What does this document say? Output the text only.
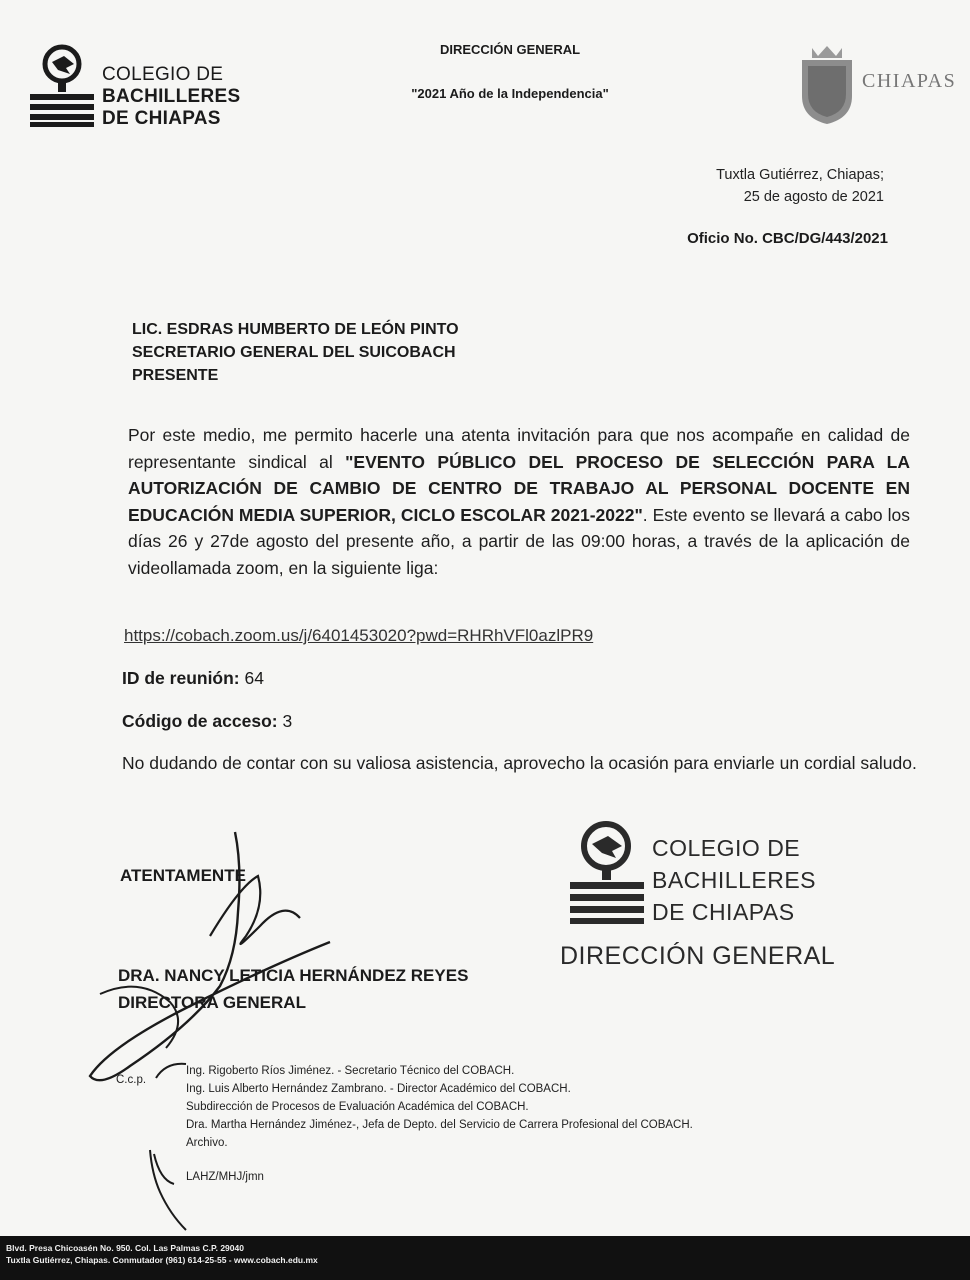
COLEGIO DE
BACHILLERES
DE CHIAPAS
DIRECCIÓN GENERAL
"2021 Año de la Independencia"
CHIAPAS
Tuxtla Gutiérrez, Chiapas;
25 de agosto de 2021
Oficio No. CBC/DG/443/2021
LIC. ESDRAS HUMBERTO DE LEÓN PINTO
SECRETARIO GENERAL DEL SUICOBACH
PRESENTE
Por este medio, me permito hacerle una atenta invitación para que nos acompañe en calidad de representante sindical al "EVENTO PÚBLICO DEL PROCESO DE SELECCIÓN PARA LA AUTORIZACIÓN DE CAMBIO DE CENTRO DE TRABAJO AL PERSONAL DOCENTE EN EDUCACIÓN MEDIA SUPERIOR, CICLO ESCOLAR 2021-2022". Este evento se llevará a cabo los días 26 y 27de agosto del presente año, a partir de las 09:00 horas, a través de la aplicación de videollamada zoom, en la siguiente liga:
https://cobach.zoom.us/j/6401453020?pwd=RHRhVFl0azlPR9
ID de reunión: 64
Código de acceso: 3
No dudando de contar con su valiosa asistencia, aprovecho la ocasión para enviarle un cordial saludo.
ATENTAMENTE
DRA. NANCY LETICIA HERNÁNDEZ REYES
DIRECTORA GENERAL
COLEGIO DE
BACHILLERES
DE CHIAPAS
DIRECCIÓN GENERAL
C.c.p.
Ing. Rigoberto Ríos Jiménez. - Secretario Técnico del COBACH.
Ing. Luis Alberto Hernández Zambrano. - Director Académico del COBACH.
Subdirección de Procesos de Evaluación Académica del COBACH.
Dra. Martha Hernández Jiménez-, Jefa de Depto. del Servicio de Carrera Profesional del COBACH.
Archivo.
LAHZ/MHJ/jmn
Blvd. Presa Chicoasén No. 950. Col. Las Palmas C.P. 29040
Tuxtla Gutiérrez, Chiapas. Conmutador (961) 614-25-55 - www.cobach.edu.mx
